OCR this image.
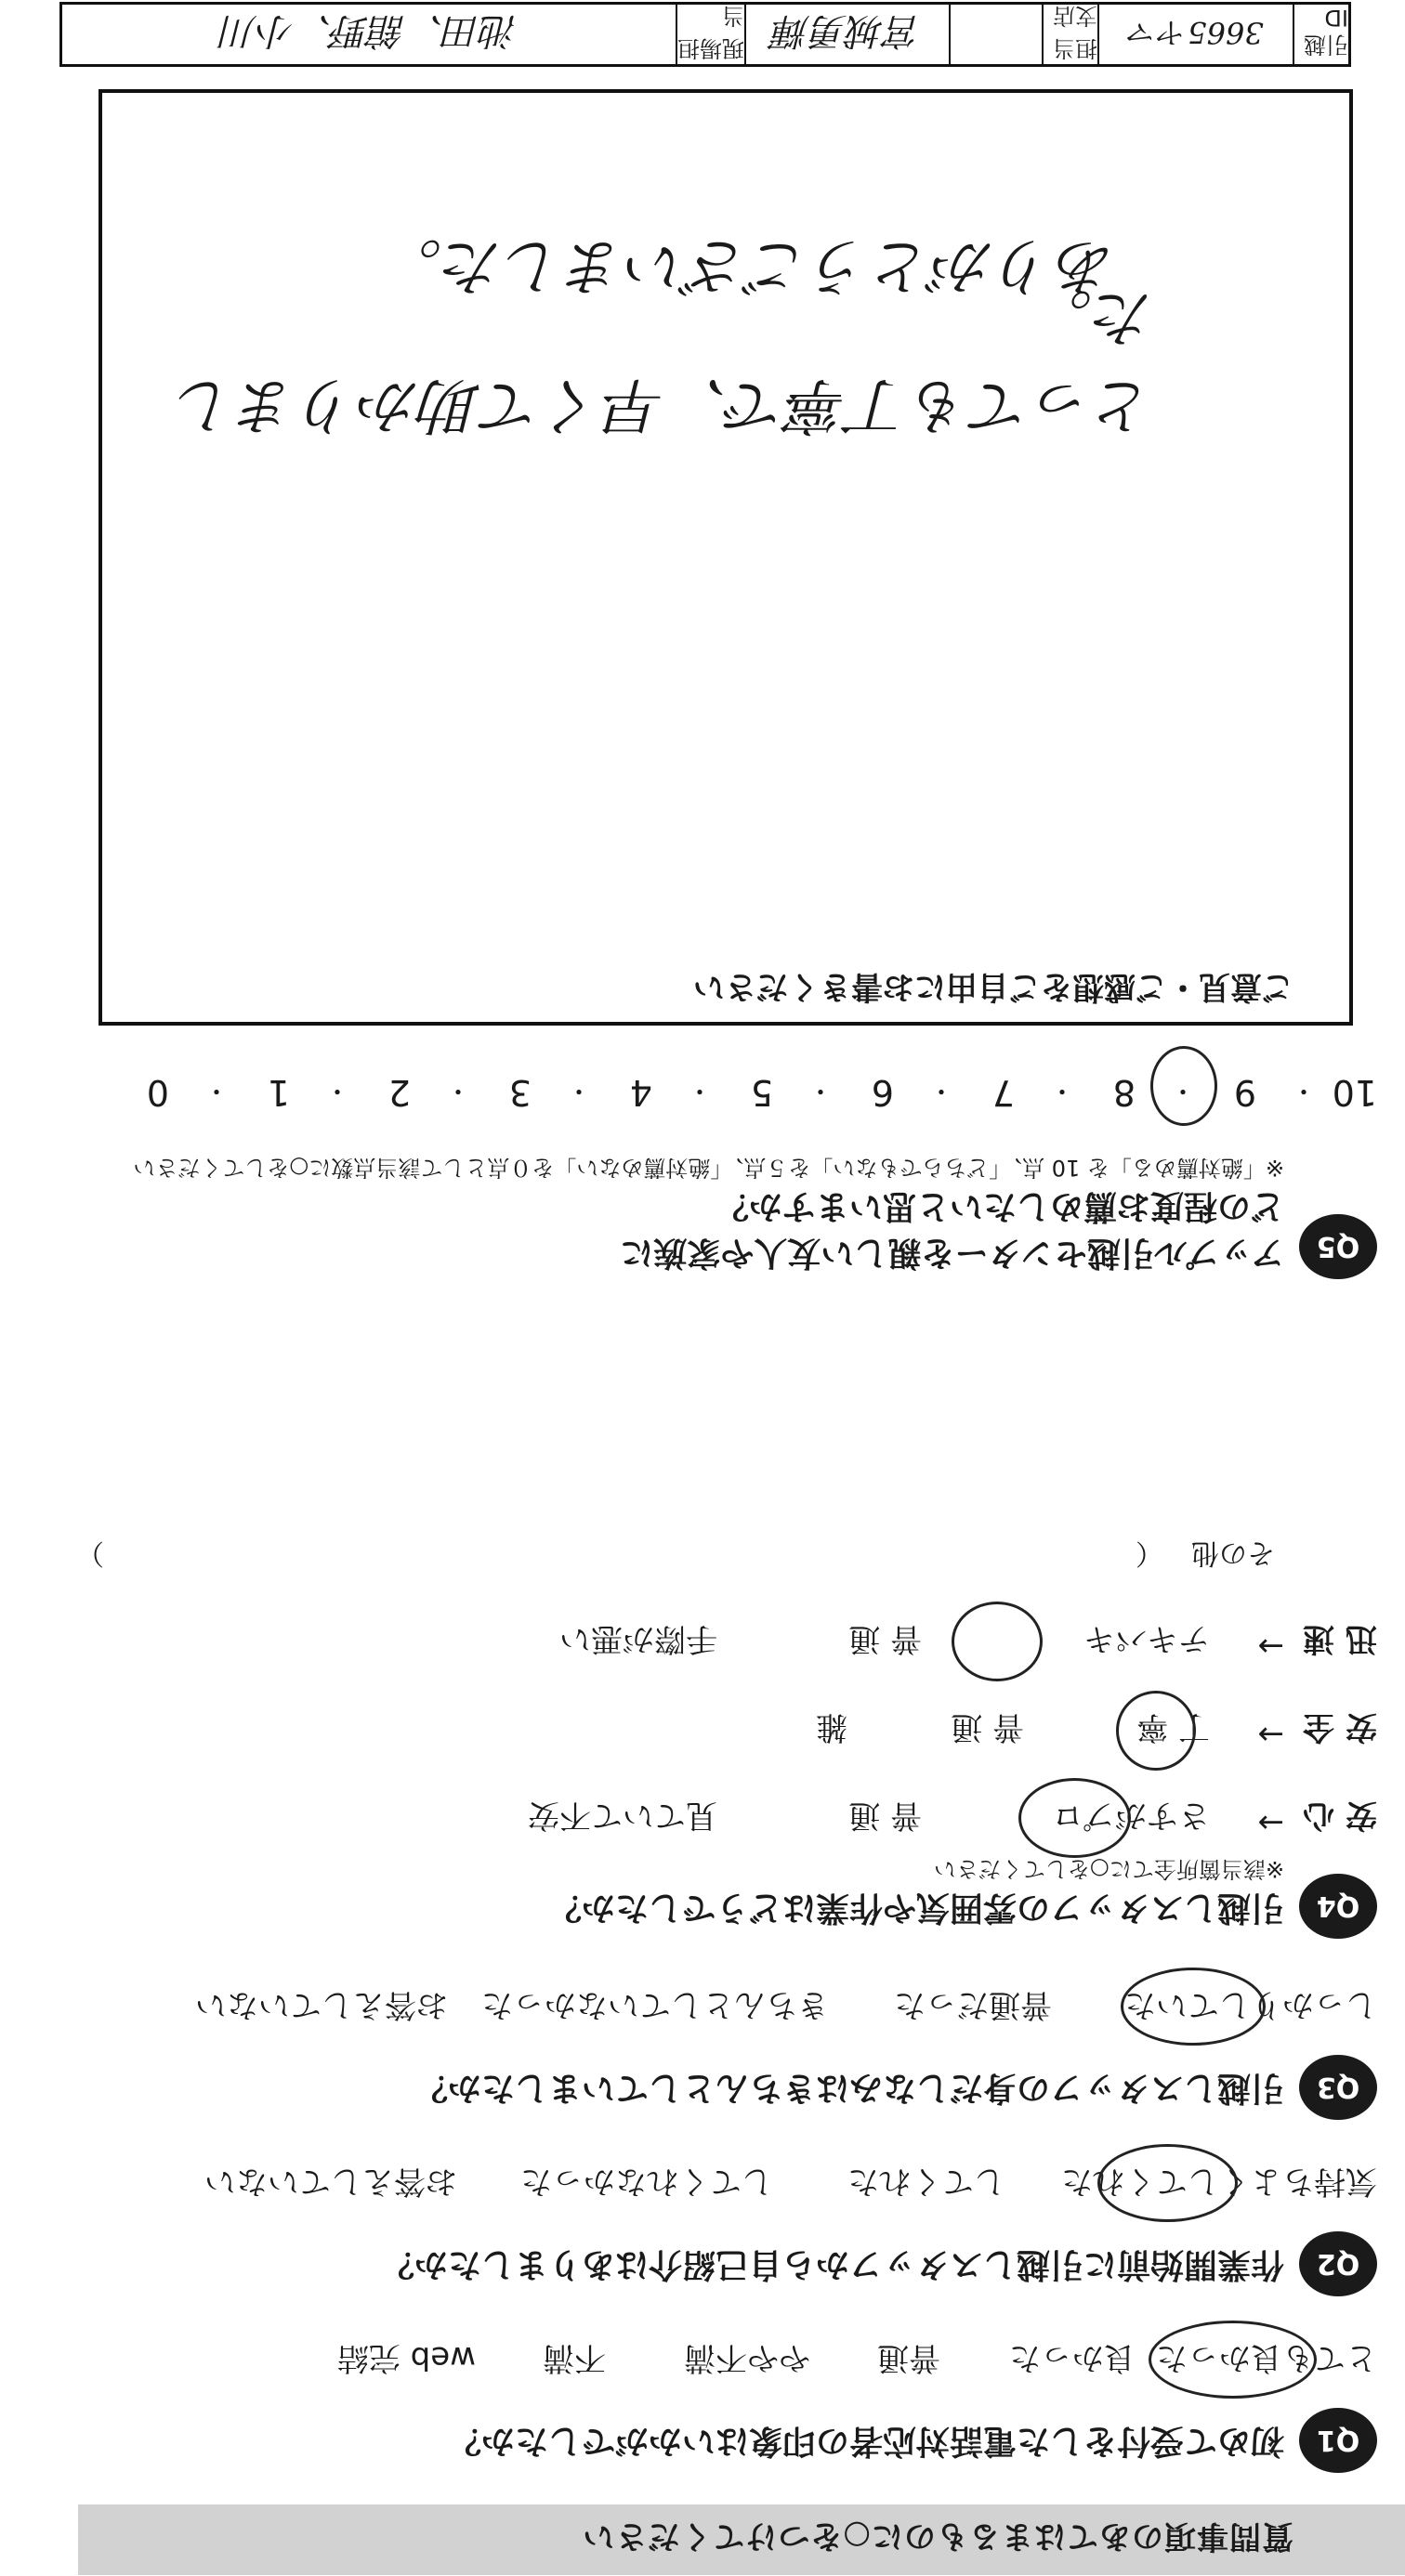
質問事項のあてはまるものに○をつけてください
Q1
初めて受付をした電話対応者の印象はいかがでしたか？
とても良かった
良かった
普通
やや不満
不満
web 完結
Q2
作業開始前に引越しスタッフから自己紹介はありましたか？
気持ちよくしてくれた
してくれた
してくれなかった
お答えしていない
Q3
引越しスタッフの身だしなみはきちんとしていましたか？
しっかりしていた
普通だった
きちんとしていなかった
お答えしていない
Q4
引越しスタッフの雰囲気や作業はどうでしたか？
※該当箇所全てに○をしてください
安 心
→
さすがプロ
普 通
見ていて不安
安 全
→
丁 寧
普 通
雑
迅 速
→
テキパキ
普 通
手際が悪い
その他
（
）
Q5
アップル引越センターを親しい友人や家族に
どの程度お薦めしたいと思いますか？
※「絶対薦める」を 10 点、「どちらでもない」を５点、「絶対薦めない」を０点として該当点数に○をしてください
10
・
9
・
8
・
7
・
6
・
5
・
4
・
3
・
2
・
1
・
0
ご意見・ご感想をご自由にお書きください
とっても丁寧で、早くて助かりました。
ありがとうございました。
引越 ID
3665ヤマ
担当支店
宮城勇輝
現場担当
池田、舘野、小川
